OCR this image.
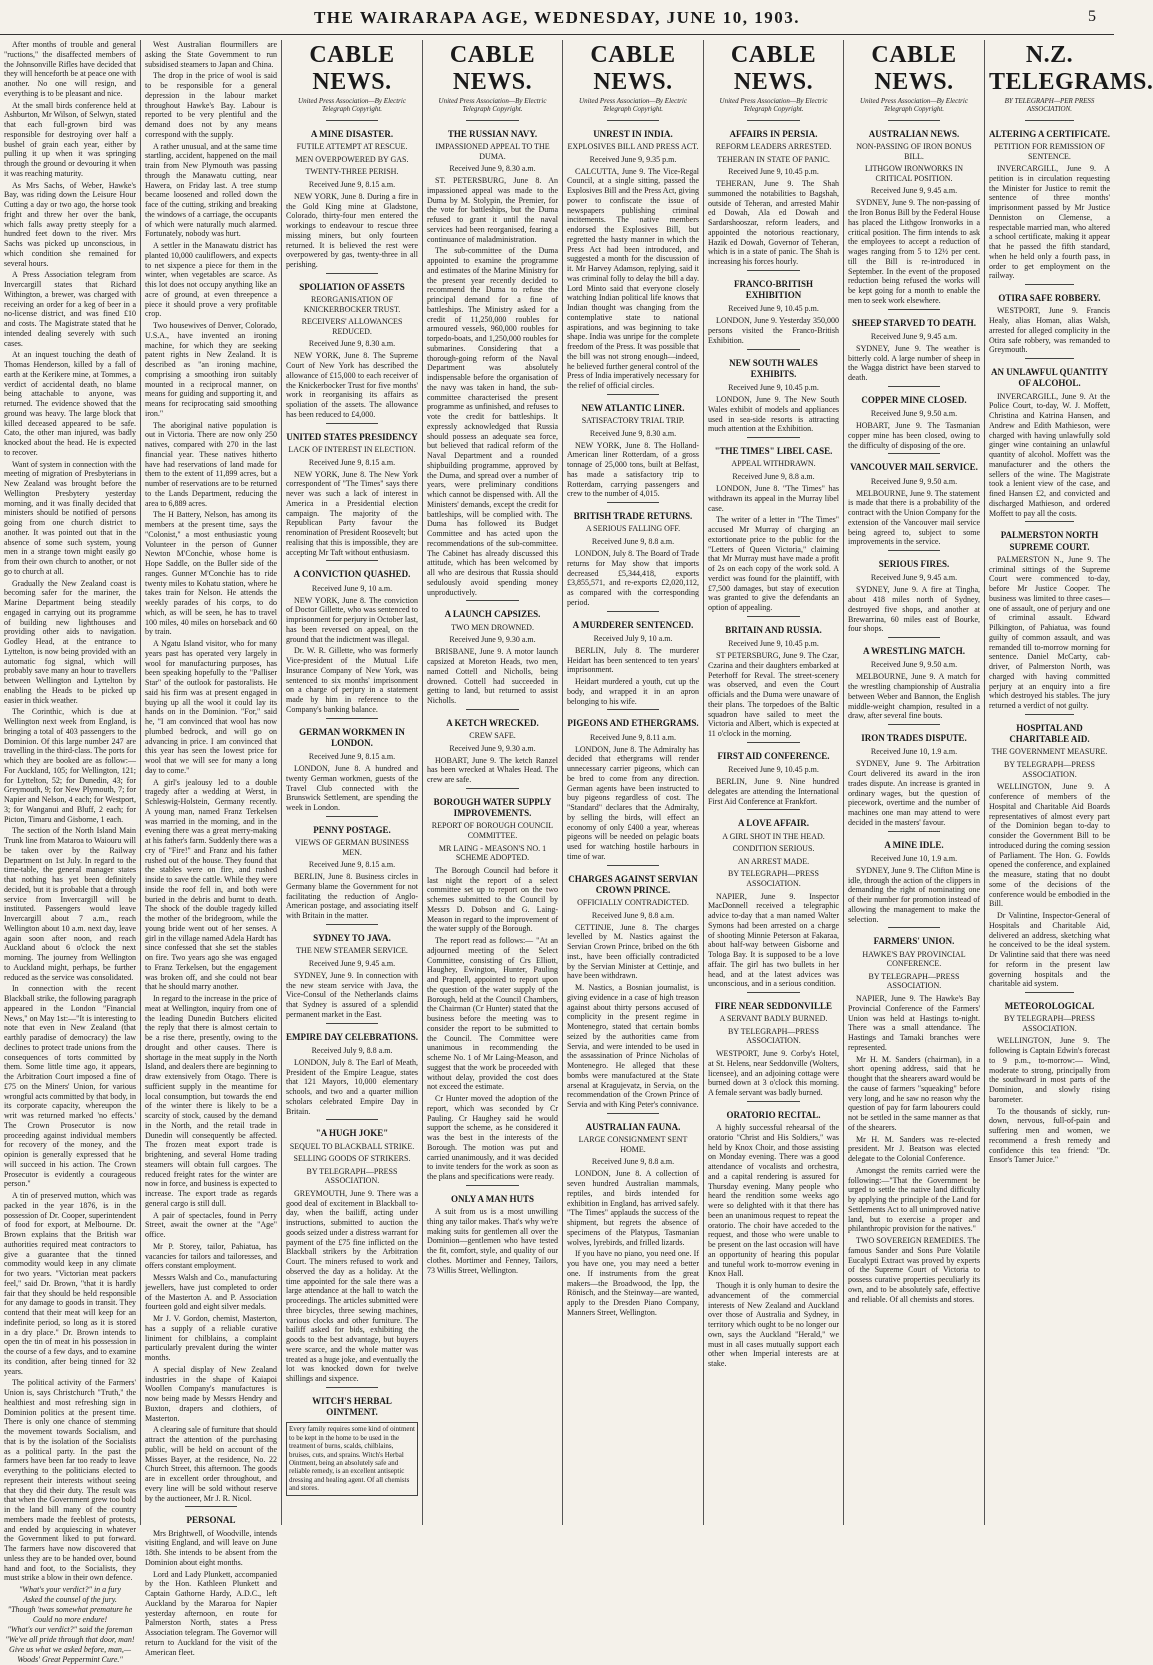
THE WAIRARAPA AGE, WEDNESDAY, JUNE 10, 1903.	5

After months of trouble and general "ructions," the disaffected members of the Johnsonville Rifles have decided that they will henceforth be at peace one with another. No one will resign, and everything is to be pleasant and nice.

At the small birds conference held at Ashburton, Mr Wilson, of Selwyn, stated that each full-grown bird was responsible for destroying over half a bushel of grain each year, either by pulling it up when it was springing through the ground or devouring it when it was reaching maturity.

As Mrs Sachs, of Weber, Hawke's Bay, was riding down the Leisure Hour Cutting a day or two ago, the horse took fright and threw her over the bank, which falls away pretty steeply for a hundred feet down to the river. Mrs Sachs was picked up unconscious, in which condition she remained for several hours.

A Press Association telegram from Invercargill states that Richard Withington, a brewer, was charged with receiving an order for a keg of beer in a no-license district, and was fined £10 and costs. The Magistrate stated that he intended dealing severely with such cases.

At an inquest touching the death of Thomas Henderson, killed by a fall of earth at the Kerikere mine, at Tommes, a verdict of accidental death, no blame being attachable to anyone, was returned. The evidence showed that the ground was heavy. The large block that killed deceased appeared to be safe. Cato, the other man injured, was badly knocked about the head. He is expected to recover.

Want of system in connection with the meeting of migration of Presbyterians in New Zealand was brought before the Wellington Presbytery yesterday morning, and it was finally decided that ministers should be notified of persons going from one church district to another. It was pointed out that in the absence of some such system, young men in a strange town might easily go from their own church to another, or not go to church at all.

Gradually the New Zealand coast is becoming safer for the mariner, the Marine Department being steadily engaged in carrying out its programme of building new lighthouses and providing other aids to navigation. Godley Head, at the entrance to Lyttelton, is now being provided with an automatic fog signal, which will probably save many an hour to travellers between Wellington and Lyttelton by enabling the Heads to be picked up easier in thick weather.

The Corinthic, which is due at Wellington next week from England, is bringing a total of 403 passengers to the Dominion. Of this large number 247 are travelling in the third-class. The ports for which they are booked are as follow:—For Auckland, 105; for Wellington, 121; for Lyttelton, 52; for Dunedin, 43; for Greymouth, 9; for New Plymouth, 7; for Napier and Nelson, 4 each; for Westport, 3; for Wanganui and Bluff, 2 each; for Picton, Timaru and Gisborne, 1 each.

The section of the North Island Main Trunk line from Mataroa to Waiouru will be taken over by the Railway Department on 1st July. In regard to the time-table, the general manager states that nothing has yet been definitely decided, but it is probable that a through service from Invercargill will be instituted. Passengers would leave Invercargill about 7 a.m., reach Wellington about 10 a.m. next day, leave again soon after noon, and reach Auckland about 6 o'clock the next morning. The journey from Wellington to Auckland might, perhaps, be further reduced as the service was consolidated.

In connection with the recent Blackball strike, the following paragraph appeared in the London "Financial News," on May 1st:—"It is interesting to note that even in New Zealand (that earthly paradise of democracy) the law declines to protect trade unions from the consequences of torts committed by them. Some little time ago, it appears, the Arbitration Court imposed a fine of £75 on the Miners' Union, for various wrongful acts committed by that body, in its corporate capacity, whereupon the writ was returned marked 'no effects.' The Crown Prosecutor is now proceeding against individual members for recovery of the money, and the opinion is generally expressed that he will succeed in his action. The Crown Prosecutor is evidently a courageous person."

A tin of preserved mutton, which was packed in the year 1876, is in the possession of Dr. Cooper, superintendent of food for export, at Melbourne. Dr. Brown explains that the British war authorities required meat contractors to give a guarantee that the tinned commodity would keep in any climate for two years. "Victorian meat packers feel," said Dr. Brown, "that it is hardly fair that they should be held responsible for any damage to goods in transit. They contend that their meat will keep for an indefinite period, so long as it is stored in a dry place." Dr. Brown intends to open the tin of meat in his possession in the course of a few days, and to examine its condition, after being tinned for 32 years.

The political activity of the Farmers' Union is, says Christchurch "Truth," the healthiest and most refreshing sign in Dominion politics at the present time. There is only one chance of stemming the movement towards Socialism, and that is by the isolation of the Socialists as a political party. In the past the farmers have been far too ready to leave everything to the politicians elected to represent their interests without seeing that they did their duty. The result was that when the Government grew too bold in the land bill many of the country members made the feeblest of protests, and ended by acquiescing in whatever the Government liked to put forward. The farmers have now discovered that unless they are to be handed over, bound hand and foot, to the Socialists, they must strike a blow in their own defence.

"What's your verdict?" in a fury
Asked the counsel of the jury.
"Though 'twas somewhat premature he
Could no more endure!
"What's our verdict?" said the foreman
"We've all pride through that door, man!
Give us what we asked before, man,—
Woods' Great Peppermint Cure."

West Australian flourmillers are asking the State Government to run subsidised steamers to Japan and China.

The drop in the price of wool is said to be responsible for a general depression in the labour market throughout Hawke's Bay. Labour is reported to be very plentiful and the demand does not by any means correspond with the supply.

A rather unusual, and at the same time startling, accident, happened on the mail train from New Plymouth was passing through the Manawatu cutting, near Hawera, on Friday last. A tree stump became loosened and rolled down the face of the cutting, striking and breaking the windows of a carriage, the occupants of which were naturally much alarmed. Fortunately, nobody was hurt.

A settler in the Manawatu district has planted 10,000 cauliflowers, and expects to net sixpence a piece for them in the winter, when vegetables are scarce. As this lot does not occupy anything like an acre of ground, at even threepence a piece it should prove a very profitable crop.

Two housewives of Denver, Colorado, U.S.A., have invented an ironing machine, for which they are seeking patent rights in New Zealand. It is described as "an ironing machine, comprising a smoothing iron suitably mounted in a reciprocal manner, on means for guiding and supporting it, and means for reciprocating said smoothing iron."

The aboriginal native population is out in Victoria. There are now only 250 natives, compared with 270 in the last financial year. These natives hitherto have had reservations of land made for them to the extent of 11,899 acres, but a number of reservations are to be returned to the Lands Department, reducing the area to 6,889 acres.

The H Battery, Nelson, has among its members at the present time, says the "Colonist," a most enthusiastic young Volunteer in the person of Gunner Newton M'Conchie, whose home is Hope Saddle, on the Buller side of the ranges. Gunner M'Conchie has to ride twenty miles to Kohatu station, where he takes train for Nelson. He attends the weekly parades of his corps, to do which, as will be seen, he has to travel 100 miles, 40 miles on horseback and 60 by train.

A Ngatu Island visitor, who for many years past has operated very largely in wool for manufacturing purposes, has been speaking hopefully to the "Palliser Star" of the outlook for pastoralists. He said his firm was at present engaged in buying up all the wool it could lay its hands on in the Dominion. "For," said he, "I am convinced that wool has now plumbed bedrock, and will go on advancing in price. I am convinced that this year has seen the lowest price for wool that we will see for many a long day to come."

A girl's jealousy led to a double tragedy after a wedding at Werst, in Schleswig-Holstein, Germany recently. A young man, named Franz Terkelsen was married in the morning, and in the evening there was a great merry-making at his father's farm. Suddenly there was a cry of "Fire!" and Franz and his father rushed out of the house. They found that the stables were on fire, and rushed inside to save the cattle. While they were inside the roof fell in, and both were buried in the debris and burnt to death. The shock of the double tragedy killed the mother of the bridegroom, while the young bride went out of her senses. A girl in the village named Adela Hardt has since confessed that she set the stables on fire. Two years ago she was engaged to Franz Terkelsen, but the engagement was broken off, and she could not bear that he should marry another.

In regard to the increase in the price of meat at Wellington, inquiry from one of the leading Dunedin Butchers elicited the reply that there is almost certain to be a rise there, presently, owing to the drought and other causes. There is shortage in the meat supply in the North Island, and dealers there are beginning to draw extensively from Otago. There is sufficient supply in the meantime for local consumption, but towards the end of the winter there is likely to be a scarcity of stock, caused by the demand in the North, and the retail trade in Dunedin will consequently be affected. The frozen meat export trade is brightening, and several Home trading steamers will obtain full cargoes. The reduced freight rates for the winter are now in force, and business is expected to increase. The export trade as regards general cargo is still dull.

A pair of spectacles, found in Perry Street, await the owner at the "Age" office.

Mr P. Storey, tailor, Pahiatua, has vacancies for tailors and tailoresses, and offers constant employment.

Messrs Walsh and Co., manufacturing jewellers, have just completed to order of the Masterton A. and P. Association fourteen gold and eight silver medals.

Mr J. V. Gordon, chemist, Masterton, has a supply of a reliable curative liniment for chilblains, a complaint particularly prevalent during the winter months.

A special display of New Zealand industries in the shape of Kaiapoi Woollen Company's manufactures is now being made by Messrs Hendry and Buxton, drapers and clothiers, of Masterton.

A clearing sale of furniture that should attract the attention of the purchasing public, will be held on account of the Misses Bayer, at the residence, No. 22 Church Street, this afternoon. The goods are in excellent order throughout, and every line will be sold without reserve by the auctioneer, Mr J. R. Nicol.

PERSONAL

Mrs Brightwell, of Woodville, intends visiting England, and will leave on June 18th. She intends to be absent from the Dominion about eight months.

Lord and Lady Plunkett, accompanied by the Hon. Kathleen Plunkett and Captain Gathorne Hardy, A.D.C., left Auckland by the Mararoa for Napier yesterday afternoon, en route for Palmerston North, states a Press Association telegram. The Governor will return to Auckland for the visit of the American fleet.

CABLE NEWS.
United Press Association—By Electric Telegraph Copyright.
A MINE DISASTER.
FUTILE ATTEMPT AT RESCUE.
MEN OVERPOWERED BY GAS.
TWENTY-THREE PERISH.
Received June 9, 8.15 a.m.

NEW YORK, June 8. During a fire in the Gold King mine at Gladstone, Colorado, thirty-four men entered the workings to endeavour to rescue three missing miners, but only fourteen returned. It is believed the rest were overpowered by gas, twenty-three in all perishing.

SPOLIATION OF ASSETS
REORGANISATION OF KNICKERBOCKER TRUST.
RECEIVERS' ALLOWANCES REDUCED.
Received June 9, 8.30 a.m.

NEW YORK, June 8. The Supreme Court of New York has described the allowance of £15,000 to each receiver of the Knickerbocker Trust for five months' work in reorganising its affairs as spoliation of the assets. The allowance has been reduced to £4,000.

UNITED STATES PRESIDENCY
LACK OF INTEREST IN ELECTION.
Received June 9, 8.15 a.m.

NEW YORK, June 8. The New York correspondent of "The Times" says there never was such a lack of interest in America in a Presidential election campaign. The majority of the Republican Party favour the renomination of President Roosevelt; but realising that this is impossible, they are accepting Mr Taft without enthusiasm.

A CONVICTION QUASHED.
Received June 9, 10 a.m.

NEW YORK, June 8. The conviction of Doctor Gillette, who was sentenced to imprisonment for perjury in October last, has been reversed on appeal, on the ground that the indictment was illegal.

Dr. W. R. Gillette, who was formerly Vice-president of the Mutual Life Insurance Company of New York, was sentenced to six months' imprisonment on a charge of perjury in a statement made by him in reference to the Company's banking balance.

GERMAN WORKMEN IN LONDON.
Received June 9, 8.15 a.m.

LONDON, June 8. A hundred and twenty German workmen, guests of the Travel Club connected with the Brunswick Settlement, are spending the week in London.

PENNY POSTAGE.
VIEWS OF GERMAN BUSINESS MEN.
Received June 9, 8.15 a.m.

BERLIN, June 8. Business circles in Germany blame the Government for not facilitating the reduction of Anglo-American postage, and associating itself with Britain in the matter.

SYDNEY TO JAVA.
THE NEW STEAMER SERVICE.
Received June 9, 9.45 a.m.

SYDNEY, June 9. In connection with the new steam service with Java, the Vice-Consul of the Netherlands claims that Sydney is assured of a splendid permanent market in the East.

EMPIRE DAY CELEBRATIONS.
Received July 9, 8.8 a.m.

LONDON, July 8. The Earl of Meath, President of the Empire League, states that 121 Mayors, 10,000 elementary schools, and two and a quarter million scholars celebrated Empire Day in Britain.

"A HUGH JOKE"
SEQUEL TO BLACKBALL STRIKE.
SELLING GOODS OF STRIKERS.
BY TELEGRAPH—PRESS ASSOCIATION.

GREYMOUTH, June 9. There was a good deal of excitement in Blackball to-day, when the bailiff, acting under instructions, submitted to auction the goods seized under a distress warrant for payment of the £75 fine inflicted on the Blackball strikers by the Arbitration Court. The miners refused to work and observed the day as a holiday. At the time appointed for the sale there was a large attendance at the hall to watch the proceedings. The articles submitted were three bicycles, three sewing machines, various clocks and other furniture. The bailiff asked for bids, exhibiting the goods to the best advantage, but buyers were scarce, and the whole matter was treated as a huge joke, and eventually the lot was knocked down for twelve shillings and sixpence.

WITCH'S HERBAL OINTMENT.
Every family requires some kind of ointment to be kept in the home to be used in the treatment of burns, scalds, chilblains, bruises, cuts, and sprains. Witch's Herbal Ointment, being an absolutely safe and reliable remedy, is an excellent antiseptic dressing and healing agent. Of all chemists and stores.
CABLE NEWS.
United Press Association—By Electric Telegraph Copyright.
THE RUSSIAN NAVY.
IMPASSIONED APPEAL TO THE DUMA.
Received June 9, 8.30 a.m.

ST. PETERSBURG, June 8. An impassioned appeal was made to the Duma by M. Stolypin, the Premier, for the vote for battleships, but the Duma refused to grant it until the naval services had been reorganised, fearing a continuance of maladministration.

The sub-committee of the Duma appointed to examine the programme and estimates of the Marine Ministry for the present year recently decided to recommend the Duma to refuse the principal demand for a fine of battleships. The Ministry asked for a credit of 11,250,000 roubles for armoured vessels, 960,000 roubles for torpedo-boats, and 1,250,000 roubles for submarines. Considering that a thorough-going reform of the Naval Department was absolutely indispensable before the organisation of the navy was taken in hand, the sub-committee characterised the present programme as unfinished, and refuses to vote the credit for battleships. It expressly acknowledged that Russia should possess an adequate sea force, but believed that radical reform of the Naval Department and a rounded shipbuilding programme, approved by the Duma, and spread over a number of years, were preliminary conditions which cannot be dispensed with. All the Ministers' demands, except the credit for battleships, will be complied with. The Duma has followed its Budget Committee and has acted upon the recommendations of the sub-committee. The Cabinet has already discussed this attitude, which has been welcomed by all who are desirous that Russia should sedulously avoid spending money unproductively.

A LAUNCH CAPSIZES.
TWO MEN DROWNED.
Received June 9, 9.30 a.m.

BRISBANE, June 9. A motor launch capsized at Moreton Heads, two men, named Cottell and Nicholls, being drowned. Cottell had succeeded in getting to land, but returned to assist Nicholls.

A KETCH WRECKED.
CREW SAFE.
Received June 9, 9.30 a.m.

HOBART, June 9. The ketch Ranzel has been wrecked at Whales Head. The crew are safe.

BOROUGH WATER SUPPLY IMPROVEMENTS.
REPORT OF BOROUGH COUNCIL COMMITTEE.
MR LAING - MEASON'S NO. 1 SCHEME ADOPTED.

The Borough Council had before it last night the report of a select committee set up to report on the two schemes submitted to the Council by Messrs D. Dobson and G. Laing-Meason in regard to the improvement of the water supply of the Borough.

The report read as follows:— "At an adjourned meeting of the Select Committee, consisting of Crs Elliott, Haughey, Ewington, Hunter, Pauling and Prapnell, appointed to report upon the question of the water supply of the Borough, held at the Council Chambers, the Chairman (Cr Hunter) stated that the business before the meeting was to consider the report to be submitted to the Council. The Committee were unanimous in recommending the scheme No. 1 of Mr Laing-Meason, and suggest that the work be proceeded with without delay, provided the cost does not exceed the estimate.

Cr Hunter moved the adoption of the report, which was seconded by Cr Pauling. Cr Haughey said he would support the scheme, as he considered it was the best in the interests of the Borough. The motion was put and carried unanimously, and it was decided to invite tenders for the work as soon as the plans and specifications were ready.

ONLY A MAN HUTS

A suit from us is a most unwilling thing any tailor makes. That's why we're making suits for gentlemen all over the Dominion—gentlemen who have tested the fit, comfort, style, and quality of our clothes. Mortimer and Fenney, Tailors, 73 Willis Street, Wellington.

CABLE NEWS.
United Press Association—By Electric Telegraph Copyright.
UNREST IN INDIA.
EXPLOSIVES BILL AND PRESS ACT.
Received June 9, 9.35 p.m.

CALCUTTA, June 9. The Vice-Regal Council, at a single sitting, passed the Explosives Bill and the Press Act, giving power to confiscate the issue of newspapers publishing criminal incitements. The native members endorsed the Explosives Bill, but regretted the hasty manner in which the Press Act had been introduced, and suggested a month for the discussion of it. Mr Harvey Adamson, replying, said it was criminal folly to delay the bill a day. Lord Minto said that everyone closely watching Indian political life knows that Indian thought was changing from the contemplative state to national aspirations, and was beginning to take shape. India was unripe for the complete freedom of the Press. It was possible that the bill was not strong enough—indeed, he believed further general control of the Press of India imperatively necessary for the relief of official circles.

NEW ATLANTIC LINER.
SATISFACTORY TRIAL TRIP.
Received June 9, 8.30 a.m.

NEW YORK, June 8. The Holland-American liner Rotterdam, of a gross tonnage of 25,000 tons, built at Belfast, has made a satisfactory trip to Rotterdam, carrying passengers and crew to the number of 4,015.

BRITISH TRADE RETURNS.
A SERIOUS FALLING OFF.
Received June 9, 8.8 a.m.

LONDON, July 8. The Board of Trade returns for May show that imports decreased £5,344,418, exports £3,855,571, and re-exports £2,020,112, as compared with the corresponding period.

A MURDERER SENTENCED.
Received July 9, 10 a.m.

BERLIN, July 8. The murderer Heidart has been sentenced to ten years' imprisonment.

Heidart murdered a youth, cut up the body, and wrapped it in an apron belonging to his wife.

PIGEONS AND ETHERGRAMS.
Received June 9, 8.11 a.m.

LONDON, June 8. The Admiralty has decided that ethergrams will render unnecessary carrier pigeons, which can be bred to come from any direction. German agents have been instructed to buy pigeons regardless of cost. The "Standard" declares that the Admiralty, by selling the birds, will effect an economy of only £400 a year, whereas pigeons will be needed on pelagic boats used for watching hostile harbours in time of war.

CHARGES AGAINST SERVIAN CROWN PRINCE.
OFFICIALLY CONTRADICTED.
Received June 9, 8.8 a.m.

CETTINJE, June 8. The charges levelled by M. Nastics against the Servian Crown Prince, bribed on the 6th inst., have been officially contradicted by the Servian Minister at Cettinje, and have been withdrawn.

M. Nastics, a Bosnian journalist, is giving evidence in a case of high treason against about thirty persons accused of complicity in the present regime in Montenegro, stated that certain bombs seized by the authorities came from Servia, and were intended to be used in the assassination of Prince Nicholas of Montenegro. He alleged that these bombs were manufactured at the State arsenal at Kragujevatz, in Servia, on the recommendation of the Crown Prince of Servia and with King Peter's connivance.

AUSTRALIAN FAUNA.
LARGE CONSIGNMENT SENT HOME.
Received June 9, 8.8 a.m.

LONDON, June 8. A collection of seven hundred Australian mammals, reptiles, and birds intended for exhibition in England, has arrived safely. "The Times" applauds the success of the shipment, but regrets the absence of specimens of the Platypus, Tasmanian wolves, lyrebirds, and frilled lizards.

If you have no piano, you need one. If you have one, you may need a better one. If instruments from the great makers—the Broadwood, the Ipp, the Rönisch, and the Steinway—are wanted, apply to the Dresden Piano Company, Manners Street, Wellington.

CABLE NEWS.
United Press Association—By Electric Telegraph Copyright.
AFFAIRS IN PERSIA.
REFORM LEADERS ARRESTED.
TEHERAN IN STATE OF PANIC.
Received June 9, 10.45 p.m.

TEHERAN, June 9. The Shah summoned the notabilities to Bagshah, outside of Teheran, and arrested Mahir ed Dowah, Ala ed Dowah and Sardarshooszar, reform leaders, and appointed the notorious reactionary, Hazik ed Dowah, Governor of Teheran, which is in a state of panic. The Shah is increasing his forces hourly.

FRANCO-BRITISH EXHIBITION
Received June 9, 10.45 p.m.

LONDON, June 9. Yesterday 350,000 persons visited the Franco-British Exhibition.

NEW SOUTH WALES EXHIBITS.
Received June 9, 10.45 p.m.

LONDON, June 9. The New South Wales exhibit of models and appliances used in sea-side resorts is attracting much attention at the Exhibition.

"THE TIMES" LIBEL CASE.
APPEAL WITHDRAWN.
Received June 9, 8.8 a.m.

LONDON, June 8. "The Times" has withdrawn its appeal in the Murray libel case.

The writer of a letter in "The Times" accused Mr Murray of charging an extortionate price to the public for the "Letters of Queen Victoria," claiming that Mr Murray must have made a profit of 2s on each copy of the work sold. A verdict was found for the plaintiff, with £7,500 damages, but stay of execution was granted to give the defendants an option of appealing.

BRITAIN AND RUSSIA.
Received June 9, 10.45 p.m.

ST PETERSBURG, June 9. The Czar, Czarina and their daughters embarked at Peterhoff for Reval. The street-scenery was observed, and even the Court officials and the Duma were unaware of their plans. The torpedoes of the Baltic squadron have sailed to meet the Victoria and Albert, which is expected at 11 o'clock in the morning.

FIRST AID CONFERENCE.
Received June 9, 10.45 p.m.

BERLIN, June 9. Nine hundred delegates are attending the International First Aid Conference at Frankfort.

A LOVE AFFAIR.
A GIRL SHOT IN THE HEAD.
CONDITION SERIOUS.
AN ARREST MADE.
BY TELEGRAPH—PRESS ASSOCIATION.

NAPIER, June 9. Inspector MacDonnell received a telegraphic advice to-day that a man named Walter Symons had been arrested on a charge of shooting Minnie Peterson at Fakaraa, about half-way between Gisborne and Tologa Bay. It is supposed to be a love affair. The girl has two bullets in her head, and at the latest advices was unconscious, and in a serious condition.

FIRE NEAR SEDDONVILLE
A SERVANT BADLY BURNED.
BY TELEGRAPH—PRESS ASSOCIATION.

WESTPORT, June 9. Corby's Hotel, at St. Helens, near Seddonville (Wolters, licensee), and an adjoining cottage were burned down at 3 o'clock this morning. A female servant was badly burned.

ORATORIO RECITAL.

A highly successful rehearsal of the oratorio "Christ and His Soldiers," was held by Knox Choir, and those assisting on Monday evening. There was a good attendance of vocalists and orchestra, and a capital rendering is assured for Thursday evening. Many people who heard the rendition some weeks ago were so delighted with it that there has been an unanimous request to repeat the oratorio. The choir have acceded to the request, and those who were unable to be present on the last occasion will have an opportunity of hearing this popular and tuneful work to-morrow evening in Knox Hall.

Though it is only human to desire the advancement of the commercial interests of New Zealand and Auckland over those of Australia and Sydney, in territory which ought to be no longer our own, says the Auckland "Herald," we must in all cases mutually support each other when Imperial interests are at stake.

CABLE NEWS.
United Press Association—By Electric Telegraph Copyright.
AUSTRALIAN NEWS.
NON-PASSING OF IRON BONUS BILL.
LITHGOW IRONWORKS IN CRITICAL POSITION.
Received June 9, 9.45 a.m.

SYDNEY, June 9. The non-passing of the Iron Bonus Bill by the Federal House has placed the Lithgow Ironworks in a critical position. The firm intends to ask the employees to accept a reduction of wages ranging from 5 to 12½ per cent. till the Bill is re-introduced in September. In the event of the proposed reduction being refused the works will be kept going for a month to enable the men to seek work elsewhere.

SHEEP STARVED TO DEATH.
Received June 9, 9.45 a.m.

SYDNEY, June 9. The weather is bitterly cold. A large number of sheep in the Wagga district have been starved to death.

COPPER MINE CLOSED.
Received June 9, 9.50 a.m.

HOBART, June 9. The Tasmanian copper mine has been closed, owing to the difficulty of disposing of the ore.

VANCOUVER MAIL SERVICE.
Received June 9, 9.50 a.m.

MELBOURNE, June 9. The statement is made that there is a probability of the contract with the Union Company for the extension of the Vancouver mail service being agreed to, subject to some improvements in the service.

SERIOUS FIRES.
Received June 9, 9.45 a.m.

SYDNEY, June 9. A fire at Tingha, about 418 miles north of Sydney, destroyed five shops, and another at Brewarrina, 60 miles east of Bourke, four shops.

A WRESTLING MATCH.
Received June 9, 9.50 a.m.

MELBOURNE, June 9. A match for the wrestling championship of Australia between Weber and Bannon, the English middle-weight champion, resulted in a draw, after several fine bouts.

IRON TRADES DISPUTE.
Received June 10, 1.9 a.m.

SYDNEY, June 9. The Arbitration Court delivered its award in the iron trades dispute. An increase is granted in ordinary wages, but the question of piecework, overtime and the number of machines one man may attend to were decided in the masters' favour.

A MINE IDLE.
Received June 10, 1.9 a.m.

SYDNEY, June 9. The Clifton Mine is idle, through the action of the clippers in demanding the right of nominating one of their number for promotion instead of allowing the management to make the selection.

FARMERS' UNION.
HAWKE'S BAY PROVINCIAL CONFERENCE.
BY TELEGRAPH—PRESS ASSOCIATION.

NAPIER, June 9. The Hawke's Bay Provincial Conference of the Farmers' Union was held at Hastings to-night. There was a small attendance. The Hastings and Tamaki branches were represented.

Mr H. M. Sanders (chairman), in a short opening address, said that he thought that the shearers award would be the cause of farmers "squeaking" before very long, and he saw no reason why the question of pay for farm labourers could not be settled in the same manner as that of the shearers.

Mr H. M. Sanders was re-elected president. Mr J. Beatson was elected delegate to the Colonial Conference.

Amongst the remits carried were the following:—"That the Government be urged to settle the native land difficulty by applying the principle of the Land for Settlements Act to all unimproved native land, but to exercise a proper and philanthropic provision for the natives."

TWO SOVEREIGN REMEDIES. The famous Sander and Sons Pure Volatile Eucalypti Extract was proved by experts of the Supreme Court of Victoria to possess curative properties peculiarly its own, and to be absolutely safe, effective and reliable. Of all chemists and stores.

N.Z. TELEGRAMS.
BY TELEGRAPH—PER PRESS ASSOCIATION.
ALTERING A CERTIFICATE.
PETITION FOR REMISSION OF SENTENCE.

INVERCARGILL, June 9. A petition is in circulation requesting the Minister for Justice to remit the sentence of three months' imprisonment passed by Mr Justice Denniston on Clemense, a respectable married man, who altered a school certificate, making it appear that he passed the fifth standard, when he held only a fourth pass, in order to get employment on the railway.

OTIRA SAFE ROBBERY.

WESTPORT, June 9. Francis Healy, alias Homan, alias Walsh, arrested for alleged complicity in the Otira safe robbery, was remanded to Greymouth.

AN UNLAWFUL QUANTITY OF ALCOHOL.

INVERCARGILL, June 9. At the Police Court, to-day, W. J. Moffett, Christina and Katrina Hansen, and Andrew and Edith Mathieson, were charged with having unlawfully sold ginger wine containing an unlawful quantity of alcohol. Moffett was the manufacturer and the others the sellers of the wine. The Magistrate took a lenient view of the case, and fined Hansen £2, and convicted and discharged Mathieson, and ordered Moffett to pay all the costs.

PALMERSTON NORTH SUPREME COURT.

PALMERSTON N., June 9. The criminal sittings of the Supreme Court were commenced to-day, before Mr Justice Cooper. The business was limited to three cases—one of assault, one of perjury and one of criminal assault. Edward Pilkington, of Pahiatua, was found guilty of common assault, and was remanded till to-morrow morning for sentence. Daniel McCarty, cab-driver, of Palmerston North, was charged with having committed perjury at an enquiry into a fire which destroyed his stables. The jury returned a verdict of not guilty.

HOSPITAL AND CHARITABLE AID.
THE GOVERNMENT MEASURE.
BY TELEGRAPH—PRESS ASSOCIATION.

WELLINGTON, June 9. A conference of members of the Hospital and Charitable Aid Boards representatives of almost every part of the Dominion began to-day to consider the Government Bill to be introduced during the coming session of Parliament. The Hon. G. Fowlds opened the conference, and explained the measure, stating that no doubt some of the decisions of the conference would be embodied in the Bill.

Dr Valintine, Inspector-General of Hospitals and Charitable Aid, delivered an address, sketching what he conceived to be the ideal system. Dr Valintine said that there was need for reform in the present law governing hospitals and the charitable aid system.

METEOROLOGICAL
BY TELEGRAPH—PRESS ASSOCIATION.

WELLINGTON, June 9. The following is Captain Edwin's forecast to 9 p.m., to-morrow:— Wind, moderate to strong, principally from the southward in most parts of the Dominion, and slowly rising barometer.

To the thousands of sickly, run-down, nervous, full-of-pain and suffering men and women, we recommend a fresh remedy and confidence this tea friend: "Dr. Ensor's Tamer Juice."
